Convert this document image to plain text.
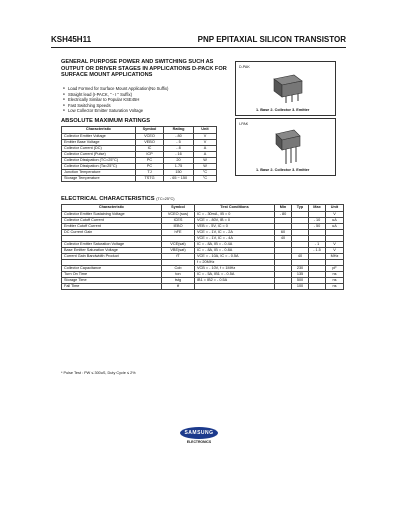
KSH45H11	PNP EPITAXIAL SILICON TRANSISTOR
GENERAL PURPOSE POWER AND SWITCHING SUCH AS OUTPUT OR DRIVER STAGES IN APPLICATIONS D-PACK FOR SURFACE MOUNT APPLICATIONS
● Load Formed for Surface Mount Application(No Suffix)
● Straight lead (I-PACK, " - I " Suffix)
● Electrically Similar to Popular KSE45H
● Fast Switching Speeds
● Low Collector Emitter Saturation Voltage
D-PAK
1. Base 2. Collector 3. Emitter
I-PAK
1. Base 2. Collector 3. Emitter
ABSOLUTE MAXIMUM RATINGS
Characteristic	Symbol	Rating	Unit
Collector Emitter Voltage	VCEO	- 80	V
Emitter Base Voltage	VEBO	- 5	V
Collector Current (DC)	IC	- 8	A
Collector Current (Pulse)	ICP	- 16	A
Collector Dissipation (TC=25°C)	PC	20	W
Collector Dissipation (Ta=25°C)	PC	1.75	W
Junction Temperature	TJ	150	°C
Storage Temperature	TSTG	- 65 ~ 150	°C
ELECTRICAL CHARACTERISTICS (TC=25°C)
Characteristic	Symbol	Test Conditions	Min	Typ	Max	Unit
Collector Emitter Sustaining Voltage	VCEO (sus)	IC = - 30mA , IB = 0	- 80			V
Collector Cutoff Current	ICES	VCE = - 80V, IB = 0			- 10	uA
Emitter Cutoff Current	IEBO	VEB = - 5V, IC = 0			- 50	uA
DC Current Gain	hFE	VCE = - 1V, IC = - 2A	60			
		VCE = - 1V, IC = - 4A	40			
Collector Emitter Saturation Voltage	VCE(sat)	IC = - 8A, IB = - 0.4A			- 1	V
Base Emitter Saturation Voltage	VBE(sat)	IC = - 8A, IB = - 0.8A			- 1.5	V
Current Gain Bandwidth Product	fT	VCE = - 10A, IC = - 0.5A		40		MHz
		f = 20MHz				
Collector Capacitance	Cob	VCB = - 10V, f = 1MHz		230		pF
Turn On Time	ton	IC = - 5A, IB1 = - 0.5A		135		ns
Storage Time	tstg	IB1 = IB2 = - 0.5A		500		ns
Fall Time	tf			100		ns
* Pulse Test : PW ≤ 300uS, Duty Cycle ≤ 2%
SAMSUNG
ELECTRONICS
